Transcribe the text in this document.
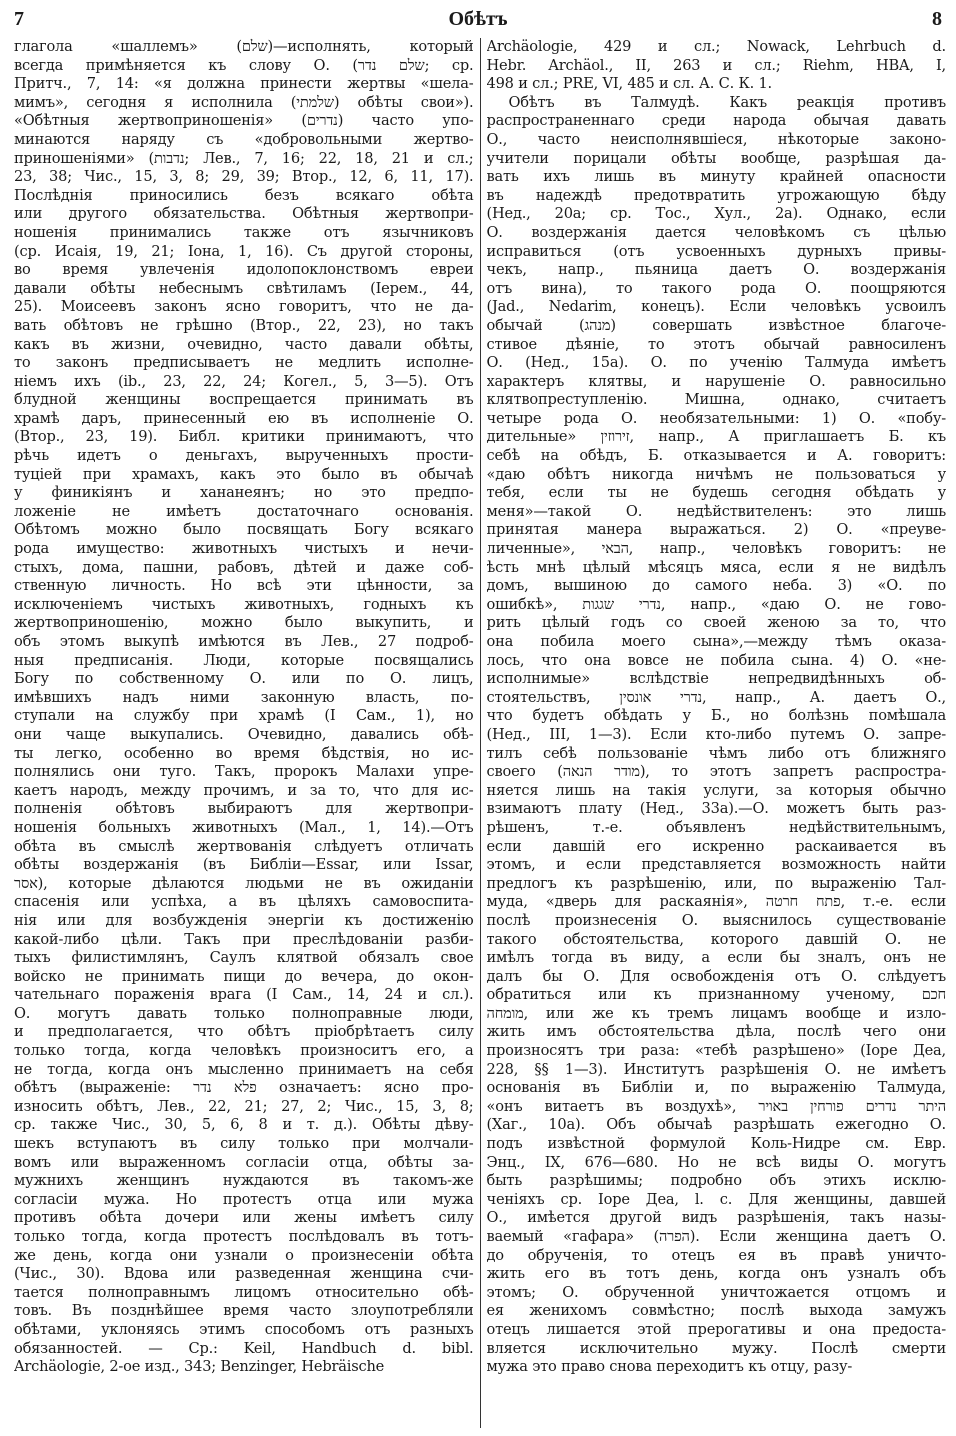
Обѣтъ
7	8
глагола «шаллемъ» (שלם)—исполнять, который
всегда примѣняется къ слову О. (שלם נדר; ср.
Притч., 7, 14: «я должна принести жертвы «шела-
мимъ», сегодня я исполнила (שלמתי) обѣты свои»).
«Обѣтныя жертвоприношенія» (נדרים) часто упо-
минаются наряду съ «добровольными жертво-
приношеніями» (נדבות; Лев., 7, 16; 22, 18, 21 и сл.;
23, 38; Чис., 15, 3, 8; 29, 39; Втор., 12, 6, 11, 17).
Послѣднія приносились безъ всякаго обѣта
или другого обязательства. Обѣтныя жертвопри-
ношенія принимались также отъ язычниковъ
(ср. Исаія, 19, 21; Іона, 1, 16). Съ другой стороны,
во время увлеченія идолопоклонствомъ евреи
давали обѣты небеснымъ свѣтиламъ (Іерем., 44,
25). Моисеевъ законъ ясно говоритъ, что не да-
вать обѣтовъ не грѣшно (Втор., 22, 23), но такъ
какъ въ жизни, очевидно, часто давали обѣты,
то законъ предписываетъ не медлить исполне-
ніемъ ихъ (ib., 23, 22, 24; Когел., 5, 3—5). Отъ
блудной женщины воспрещается принимать въ
храмѣ даръ, принесенный ею въ исполненіе О.
(Втор., 23, 19). Библ. критики принимаютъ, что
рѣчь идетъ о деньгахъ, вырученныхъ прости-
туціей при храмахъ, какъ это было въ обычаѣ
у финикіянъ и хананеянъ; но это предпо-
ложеніе не имѣетъ достаточнаго основанія.
Обѣтомъ можно было посвящать Богу всякаго
рода имущество: животныхъ чистыхъ и нечи-
стыхъ, дома, пашни, рабовъ, дѣтей и даже соб-
ственную личность. Но всѣ эти цѣнности, за
исключеніемъ чистыхъ животныхъ, годныхъ къ
жертвоприношенію, можно было выкупить, и
объ этомъ выкупѣ имѣются въ Лев., 27 подроб-
ныя предписанія. Люди, которые посвящались
Богу по собственному О. или по О. лицъ,
имѣвшихъ надъ ними законную власть, по-
ступали на службу при храмѣ (I Сам., 1), но
они чаще выкупались. Очевидно, давались обѣ-
ты легко, особенно во время бѣдствія, но ис-
полнялись они туго. Такъ, пророкъ Малахи упре-
каетъ народъ, между прочимъ, и за то, что для ис-
полненія обѣтовъ выбираютъ для жертвопри-
ношенія больныхъ животныхъ (Мал., 1, 14).—Отъ
обѣта въ смыслѣ жертвованія слѣдуетъ отличать
обѣты воздержанія (въ Библіи—Essar, или Issar,
אסר), которые дѣлаются людьми не въ ожиданіи
спасенія или успѣха, а въ цѣляхъ самовоспита-
нія или для возбужденія энергіи къ достиженію
какой-либо цѣли. Такъ при преслѣдованіи разби-
тыхъ филистимлянъ, Саулъ клятвой обязалъ свое
войско не принимать пищи до вечера, до окон-
чательнаго пораженія врага (I Сам., 14, 24 и сл.).
О. могутъ давать только полноправные люди,
и предполагается, что обѣтъ пріобрѣтаетъ силу
только тогда, когда человѣкъ произноситъ его, а
не тогда, когда онъ мысленно принимаетъ на себя
обѣтъ (выраженіе: פלא נדר означаетъ: ясно про-
износить обѣтъ, Лев., 22, 21; 27, 2; Чис., 15, 3, 8;
ср. также Чис., 30, 5, 6, 8 и т. д.). Обѣты дѣву-
шекъ вступаютъ въ силу только при молчали-
вомъ или выраженномъ согласіи отца, обѣты за-
мужнихъ женщинъ нуждаются въ такомъ-же
согласіи мужа. Но протестъ отца или мужа
противъ обѣта дочери или жены имѣетъ силу
только тогда, когда протестъ послѣдовалъ въ тотъ-
же день, когда они узнали о произнесеніи обѣта
(Чис., 30). Вдова или разведенная женщина счи-
тается полноправнымъ лицомъ относительно обѣ-
товъ. Въ позднѣйшее время часто злоупотребляли
обѣтами, уклоняясь этимъ способомъ отъ разныхъ
обязанностей. — Ср.: Keil, Handbuch d. bibl.
Archäologie, 2-ое изд., 343; Benzinger, Hebräische
Archäologie, 429 и сл.; Nowack, Lehrbuch d.
Hebr. Archäol., II, 263 и сл.; Riehm, HBA, I,
498 и сл.; PRE, VI, 485 и сл. А. С. К. 1.
Обѣтъ въ Талмудѣ. Какъ реакція противъ
распространеннаго среди народа обычая давать
О., часто неисполнявшіеся, нѣкоторые законо-
учители порицали обѣты вообще, разрѣшая да-
вать ихъ лишь въ минуту крайней опасности
въ надеждѣ предотвратить угрожающую бѣду
(Нед., 20а; ср. Тос., Хул., 2а). Однако, если
О. воздержанія дается человѣкомъ съ цѣлью
исправиться (отъ усвоенныхъ дурныхъ привы-
чекъ, напр., пьяница даетъ О. воздержанія
отъ вина), то такого рода О. поощряются
(Jad., Nedarim, конецъ). Если человѣкъ усвоилъ
обычай (מנהג) совершать извѣстное благоче-
стивое дѣяніе, то этотъ обычай равносиленъ
О. (Нед., 15а). О. по ученію Талмуда имѣетъ
характеръ клятвы, и нарушеніе О. равносильно
клятвопреступленію. Мишна, однако, считаетъ
четыре рода О. необязательными: 1) О. «побу-
дительные» זירוזין, напр., А приглашаетъ Б. къ
себѣ на обѣдъ, Б. отказывается и А. говоритъ:
«даю обѣтъ никогда ничѣмъ не пользоваться у
тебя, если ты не будешь сегодня обѣдать у
меня»—такой О. недѣйствителенъ: это лишь
принятая манера выражаться. 2) О. «преуве-
личенные», הבאי, напр., человѣкъ говоритъ: не
ѣсть мнѣ цѣлый мѣсяцъ мяса, если я не видѣлъ
домъ, вышиною до самого неба. 3) «О. по
ошибкѣ», נדרי שגגות, напр., «даю О. не гово-
рить цѣлый годъ со своей женою за то, что
она побила моего сына»,—между тѣмъ оказа-
лось, что она вовсе не побила сына. 4) О. «не-
исполнимые» вслѣдствіе непредвидѣнныхъ об-
стоятельствъ, נדרי אונסין, напр., А. даетъ О.,
что будетъ обѣдать у Б., но болѣзнь помѣшала
(Нед., III, 1—3). Если кто-либо путемъ О. запре-
тилъ себѣ пользованіе чѣмъ либо отъ ближняго
своего (מודר הנאה), то этотъ запретъ распростра-
няется лишь на такія услуги, за которыя обычно
взимаютъ плату (Нед., 33а).—О. можетъ быть раз-
рѣшенъ, т.-е. объявленъ недѣйствительнымъ,
если давшій его искренно раскаивается въ
этомъ, и если представляется возможность найти
предлогъ къ разрѣшенію, или, по выраженію Тал-
муда, «дверь для раскаянія», פתח חרטה, т.-е. если
послѣ произнесенія О. выяснилось существованіе
такого обстоятельства, которого давшій О. не
имѣлъ тогда въ виду, а если бы зналъ, онъ не
далъ бы О. Для освобожденія отъ О. слѣдуетъ
обратиться или къ признанному ученому, חכם
מומחה, или же къ тремъ лицамъ вообще и изло-
жить имъ обстоятельства дѣла, послѣ чего они
произносятъ три раза: «тебѣ разрѣшено» (Іоре Деа,
228, §§ 1—3). Институтъ разрѣшенія О. не имѣетъ
основанія въ Библіи и, по выраженію Талмуда,
«онъ витаетъ въ воздухѣ», היתר נדרים פורחין באויר
(Хаг., 10а). Объ обычаѣ разрѣшать ежегодно О.
подъ извѣстной формулой Коль-Нидре см. Евр.
Энц., IX, 676—680. Но не всѣ виды О. могутъ
быть разрѣшимы; подробно объ этихъ исклю-
ченіяхъ ср. Іоре Деа, l. c. Для женщины, давшей
О., имѣется другой видъ разрѣшенія, такъ назы-
ваемый «гафара» (הפרה). Если женщина даетъ О.
до обрученія, то отецъ ея въ правѣ уничто-
жить его въ тотъ день, когда онъ узналъ объ
этомъ; О. обрученной уничтожается отцомъ и
ея женихомъ совмѣстно; послѣ выхода замужъ
отецъ лишается этой прерогативы и она предоста-
вляется исключительно мужу. Послѣ смерти
мужа это право снова переходитъ къ отцу, разу-
